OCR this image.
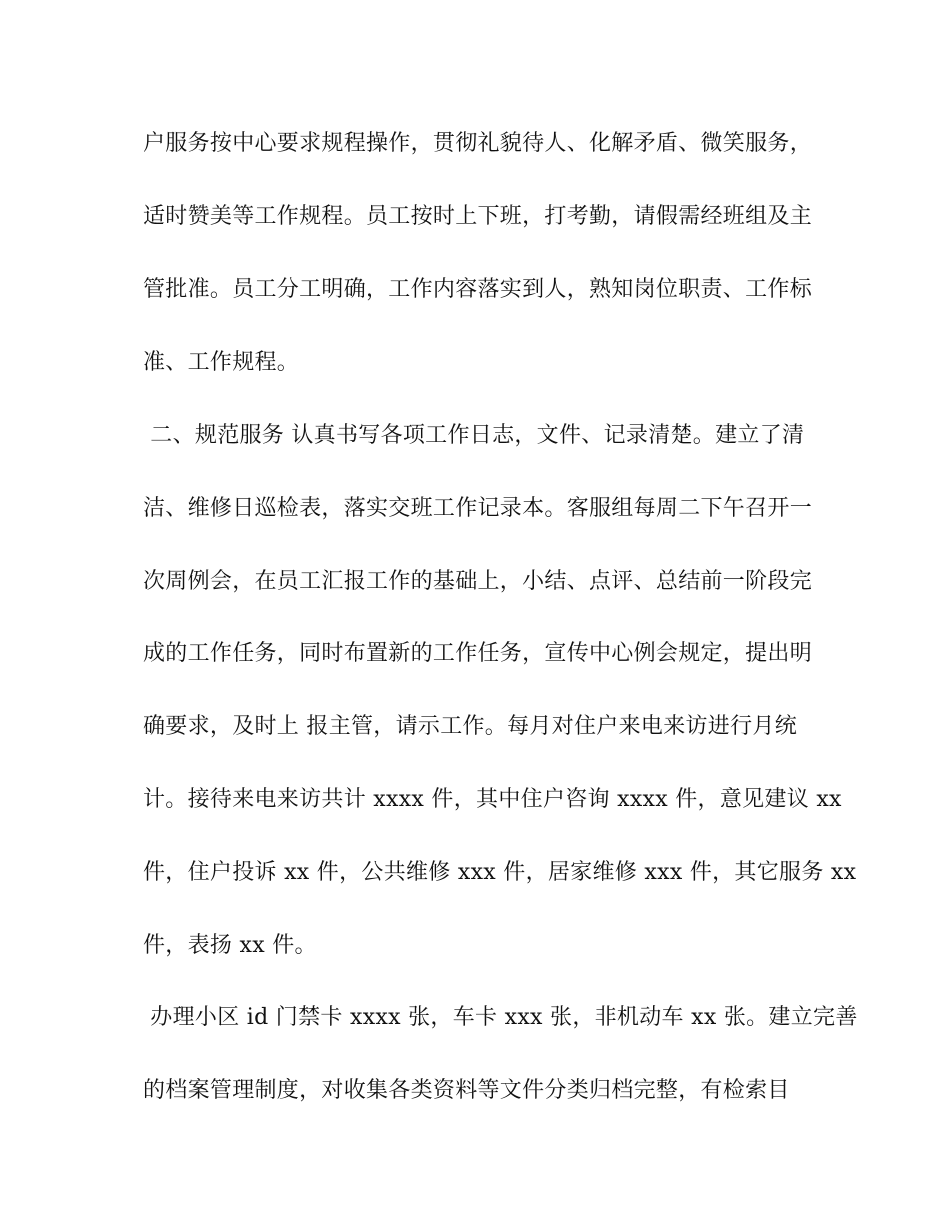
户服务按中心要求规程操作，贯彻礼貌待人、化解矛盾、微笑服务，
适时赞美等工作规程。员工按时上下班，打考勤，请假需经班组及主
管批准。员工分工明确，工作内容落实到人，熟知岗位职责、工作标
准、工作规程。
二、规范服务 认真书写各项工作日志，文件、记录清楚。建立了清
洁、维修日巡检表，落实交班工作记录本。客服组每周二下午召开一
次周例会，在员工汇报工作的基础上，小结、点评、总结前一阶段完
成的工作任务，同时布置新的工作任务，宣传中心例会规定，提出明
确要求，及时上 报主管，请示工作。每月对住户来电来访进行月统
计。接待来电来访共计 xxxx 件，其中住户咨询 xxxx 件，意见建议 xx
件，住户投诉 xx 件，公共维修 xxx 件，居家维修 xxx 件，其它服务 xx
件，表扬 xx 件。
办理小区 id 门禁卡 xxxx 张，车卡 xxx 张，非机动车 xx 张。建立完善
的档案管理制度，对收集各类资料等文件分类归档完整，有检索目
